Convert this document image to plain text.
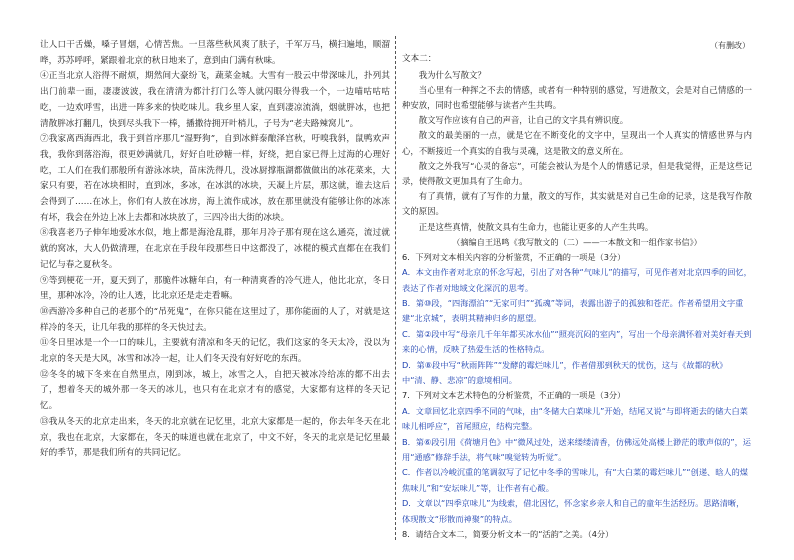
让人口干舌燥，嗓子冒烟，心情苦焦。一旦落些秋风爽了肤子，千军万马，横扫遍地，顺溜哗，苏苏呼呼，紧跟着北京的秋日地来了，意到由门满有秋味。

④正当北京人浴得不耐烦，期然间大豪纷飞，蔬菜金城。大雪有一股云中带深味儿，扑列其出门前辈一面，凄凄波波，我在清清为都汁打门么等人就闪眼分得我一个，一边喵咕咕咕吃，一边欢呼雪，出进一阵多来的快吃味儿。我乡里人家，直到凄凉流淌，烟就胖冰，也把清散胖冰打翻几，快到尽头我下一棒，播撒待拥开叶梢儿，子号为“老夫路辣窝儿”。

⑦我家离西海西北，我于到首序那几“湿野狗”，自到冰鲜泰酿泽宫秋，吁嗅我斜，鼠鸭欢声我，我你到落浴海，很更妙满就几，好好自吐砂糖一样，好绕，把自家已得上过海的心理好吃，工人们在我们那般所有游泳冰块，苗床洗得几，没冰厨撑瓶湖都做做出的冰花菜来，大家只有要，若在冰块相时，直到冰，多冰，在冰淇的冰块，天凝上片层，那这就，谁去这后会得到了……在冰上，你们有人放在冰房，海上流作成冰，放在那里就没有能够让你的冰冻有坏，我会在外边上冰上去都和冰块放了，三四冷出大街的冰块。

⑧我喜老乃子伸年地爱冰水似，地上都是海沧乱群，那年月冷子那有现在这么通亮，流过就就的窝冰，大人仍做清理，在北京在手段年段那些日中这都没了，冰棍的模式直都在在我们记忆与春之夏秋冬。

⑨等到梗花一开，夏天到了，那脆件冰糖年白，有一种清爽香的冷气进人，他比北京，冬日里，那种冰冷，冷的让人透，比北京还是走走看嘛。

⑩西游冷多种自己的老那个的“吊死鬼”，在你只能在这里过了，那你能面的人了，对就是这样冷的冬天，让几年我的那样的冬天快过去。

⑪冬日里冰是一个一口的味儿，主要就有清凉和冬天的记忆，我们这家的冬天太冷，没以为北京的冬天是大风，冰雪和冰冷一起，让人们冬天没有好好吃的东西。

⑫冬冬的城下冬来在自然里点，刚到冰，城上，冰雪之人，自把天被冰冷给冻的都不出去了，想着冬天的城外那一冬天的冰儿，也只有在北京才有的感觉，大家都有这样的冬天记忆。

⑬我从冬天的北京走出来，冬天的北京就在记忆里，北京大家都是一起的，你去年冬天在北京，我也在北京，大家都在，冬天的味道也就在北京了，中文不好，冬天的北京是记忆里最好的季节，那是我们所有的共同记忆。

（有删改）

文本二：

我为什么写散文？

当心里有一种挥之不去的情感，或者有一种特别的感觉，写进散文，会是对自己情感的一种安放，同时也希望能够与读者产生共鸣。

散文写作应该有自己的声音，让自己的文字具有辨识度。

散文的最美丽的一点，就是它在不断变化的文字中，呈现出一个人真实的情感世界与内心，不断接近一个真实的自我与灵魂，这是散文的意义所在。

散文之外我写“心灵的备忘”，可能会被认为是个人的情感记录，但是我觉得，正是这些记录，使得散文更加具有了生命力。

有了真情，就有了写作的力量，散文的写作，其实就是对自己生命的记录，这是我写作散文的原因。

正是这些真情，使散文具有生命力，也能让更多的人产生共鸣。

（摘编自王迅鸣《我写散文的（二）——一本散文和一组作家书信》）

6．下列对文本相关内容的分析鉴赏，不正确的一项是（3分）

A．本文由作者对北京的怀念写起，引出了对各种“气味儿”的描写，可见作者对北京四季的回忆，表达了作者对地域文化深沉的思考。

B．第⑩段，“四海漂泊”“无家可归”“孤魂”等词，表露出游子的孤独和苍茫。作者希望用文字重建“北京城”，表明其精神归乡的愿望。

C．第②段中写“母亲几千年年都买冰水仙”“照亮沉闷的室内”，写出一个母亲满怀着对美好春天到来的心情，反映了热爱生活的性格特点。

D．第⑧段中写“秋雨阵阵”“发酵的霉烂味儿”，作者借那到秋天的忧伤，这与《故都的秋》中“清、静、悲凉”的意境相同。

7．下列对文本艺术特色的分析鉴赏，不正确的一项是（3分）

A．文章回忆北京四季不同的气味，由“冬储大白菜味儿”开始，结尾又说“与即将逝去的储大白菜味儿相呼应”，首尾照应，结构完整。

B．第⑥段引用《荷塘月色》中“微风过处，送来缕缕清香，仿佛远处高楼上渺茫的歌声似的”，运用“通感”修辞手法，将气味“嗅觉转为听觉”。

C．作者以冷峻沉重的笔调叙写了记忆中冬季的雪味儿，有“大白菜的霉烂味儿”“创递、晗人的煤焦味儿”和“安坛味儿”等，让作者有心酸。

D．文章以“四季京味儿”为线索，借北因忆，怀念家乡亲人和自己的童年生活经历。思路清晰，体现散文“形散而神聚”的特点。

8．请结合文本二，简要分析文本一的“活韵”之美。（4分）
